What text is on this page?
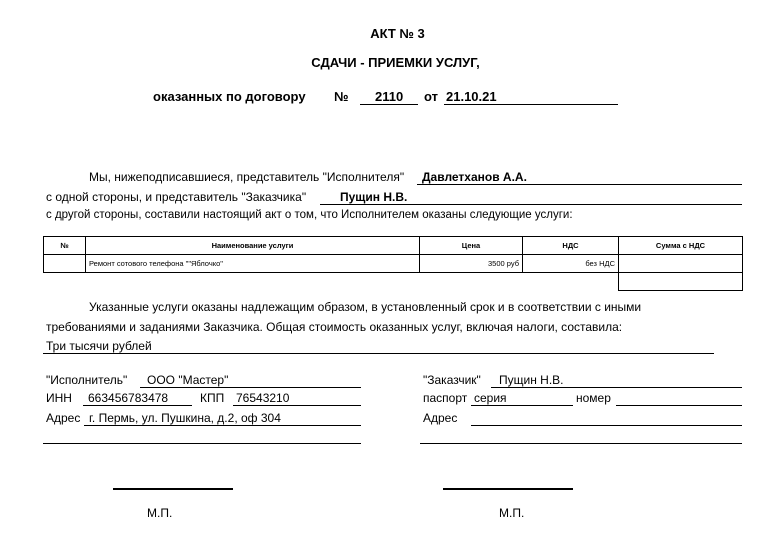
АКТ № 3
СДАЧИ - ПРИЕМКИ УСЛУГ,
оказанных по договору № 2110 от 21.10.21
Мы, нижеподписавшиеся, представитель "Исполнителя" Давлетханов А.А.
с одной стороны, и представитель "Заказчика"	Пущин Н.В.
с другой стороны, составили настоящий акт о том, что Исполнителем оказаны следующие услуги:
№	Наименование услуги	Цена	НДС	Сумма с НДС
	Ремонт сотового телефона ""Яблочко"	3500 руб	без НДС	

Указанные услуги оказаны надлежащим образом, в установленный срок и в соответствии с иными
требованиями и заданиями Заказчика. Общая стоимость оказанных услуг, включая налоги, составила:
Три тысячи рублей
"Исполнитель" ООО "Мастер"
ИНН 663456783478	КПП 76543210
Адрес г. Пермь, ул. Пушкина, д.2, оф 304
"Заказчик" Пущин Н.В.
паспорт серия	номер
Адрес
М.П.	М.П.
